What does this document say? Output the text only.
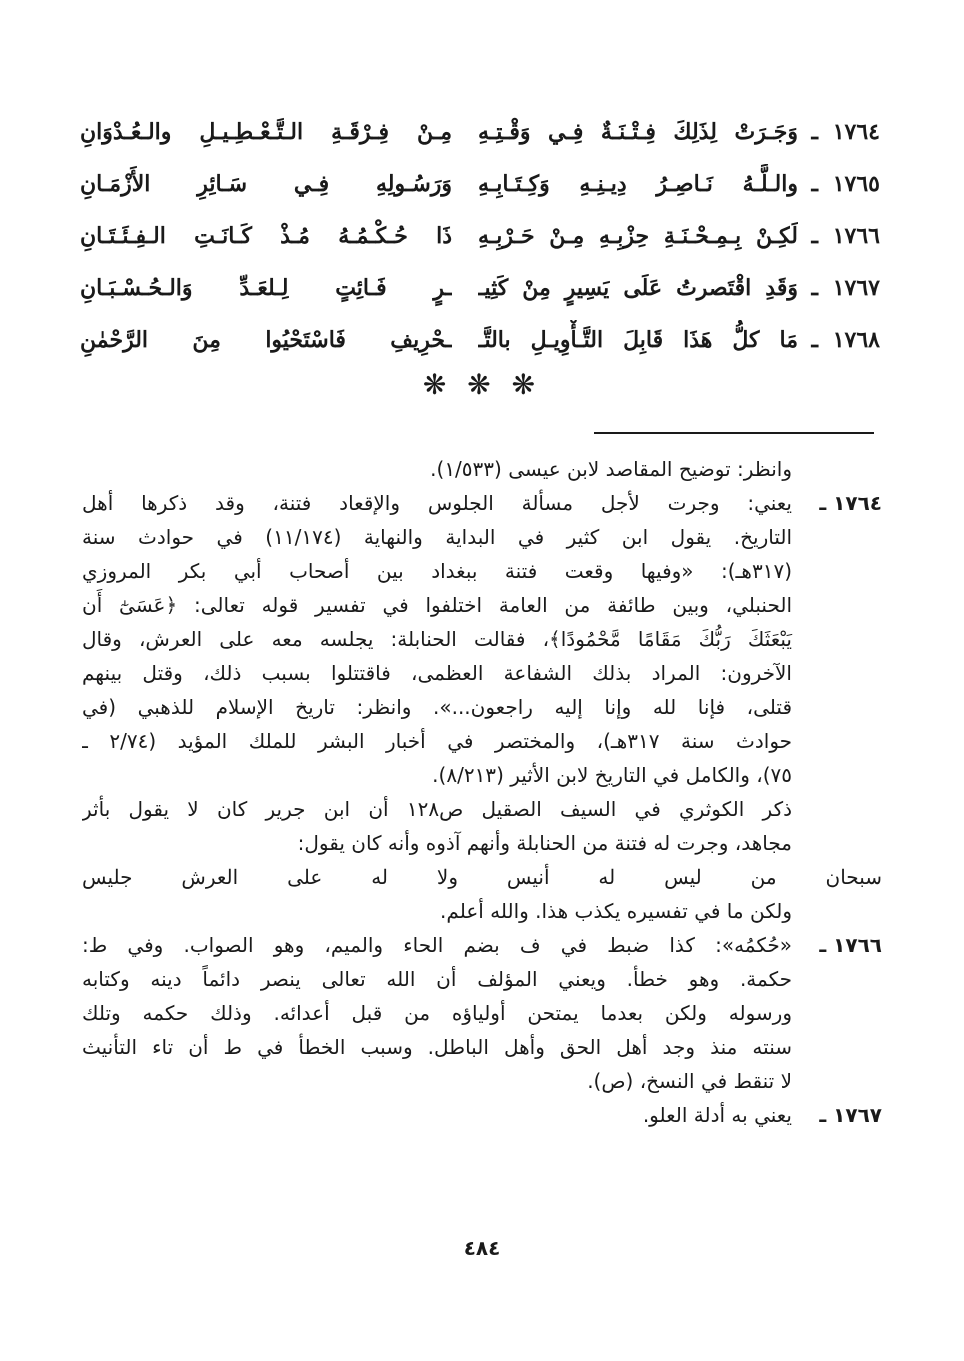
١٧٦٤
ـ
وَجَـرَتْ لِذَلِكَ فِـتْـنَـةٌ فِـي وَقْـتِـهِ
مِـنْ فِـرْقَـةِ الـتَّـعْـطِـيـلِ والـعُـدْوَانِ
١٧٦٥
ـ
والـلَّـهُ نَـاصِـرُ دِيـنِـهِ وَكِـتَـابِـهِ
وَرَسُـولِهِ فِـي سَـائِرِ الأَزْمَـانِ
١٧٦٦
ـ
لَكِـنْ بِـمِـحْـنَـةِ حِزْبِـهِ مِـنْ حَـرْبِـهِ
ذَا حُـكْـمُـهُ مُـذْ كَـانَـتِ الـفِـئَـتَـانِ
١٧٦٧
ـ
وَقَدِ اقْتَصرتُ عَلَى يَسِيرٍ مِنْ كَثِيـ
ـرٍ فَـائِتٍ لِـلعَـدِّ وَالـحُـسْـبَـانِ
١٧٦٨
ـ
مَا كلُّ هَذَا قَابِلَ التَّـأْوِيـلِ بالتَّـ
ـحْرِيفِ فَاسْتَحْيُوا مِنَ الرَّحْمٰنِ
❋ ❋ ❋
وانظر: توضيح المقاصد لابن عيسى (١/٥٣٣).
١٧٦٤ ـ
يعني: وجرت لأجل مسألة الجلوس والإقعاد فتنة، وقد ذكرها أهل
التاريخ. يقول ابن كثير في البداية والنهاية (١١/١٧٤) في حوادث سنة
(٣١٧هـ): «وفيها وقعت فتنة ببغداد بين أصحاب أبي بكر المروزي
الحنبلي، وبين طائفة من العامة اختلفوا في تفسير قوله تعالى: ﴿عَسَىٰٓ أَن
يَبْعَثَكَ رَبُّكَ مَقَامًا مَّحْمُودًا﴾، فقالت الحنابلة: يجلسه معه على العرش، وقال
الآخرون: المراد بذلك الشفاعة العظمى، فاقتتلوا بسبب ذلك، وقتل بينهم
قتلى، فإنا لله وإنا إليه راجعون...». وانظر: تاريخ الإسلام للذهبي (في
حوادث سنة ٣١٧هـ)، والمختصر في أخبار البشر للملك المؤيد (٢/٧٤ ـ
٧٥)، والكامل في التاريخ لابن الأثير (٨/٢١٣).
ذكر الكوثري في السيف الصقيل ص١٢٨ أن ابن جرير كان لا يقول بأثر
مجاهد، وجرت له فتنة من الحنابلة وأنهم آذوه وأنه كان يقول:
سبحان من ليس له أنيس ولا له على العرش جليس
ولكن ما في تفسيره يكذب هذا. والله أعلم.
١٧٦٦ ـ
«حُكمُه»: كذا ضبط في ف بضم الحاء والميم، وهو الصواب. وفي ط:
حكمة. وهو خطأ. ويعني المؤلف أن الله تعالى ينصر دائماً دينه وكتابه
ورسوله ولكن بعدما يمتحن أولياؤه من قبل أعدائه. وذلك حكمه وتلك
سنته منذ وجد أهل الحق وأهل الباطل. وسبب الخطأ في ط أن تاء التأنيث
لا تنقط في النسخ، (ص).
١٧٦٧ ـ
يعني به أدلة العلو.
٤٨٤
